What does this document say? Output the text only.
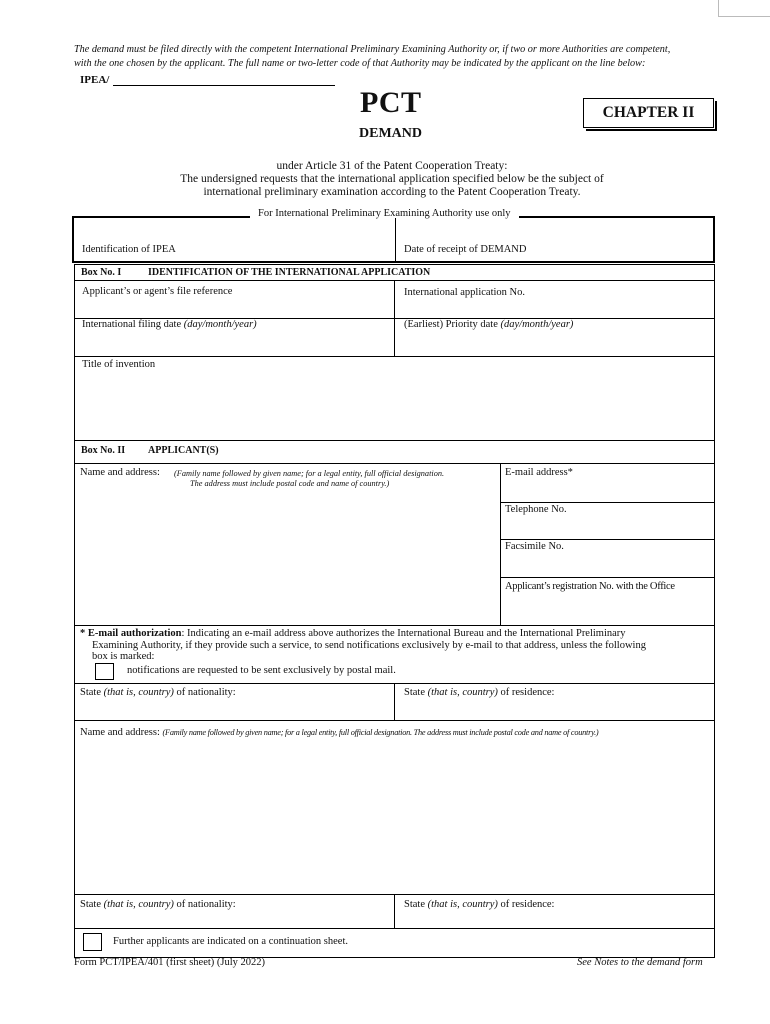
The demand must be filed directly with the competent International Preliminary Examining Authority or, if two or more Authorities are competent,
with the one chosen by the applicant. The full name or two-letter code of that Authority may be indicated by the applicant on the line below:
IPEA/
PCT
DEMAND
CHAPTER II
under Article 31 of the Patent Cooperation Treaty:
The undersigned requests that the international application specified below be the subject of
international preliminary examination according to the Patent Cooperation Treaty.
For International Preliminary Examining Authority use only
Identification of IPEA	Date of receipt of DEMAND
Box No. I	IDENTIFICATION OF THE INTERNATIONAL APPLICATION
Applicant’s or agent’s file reference	International application No.
International filing date (day/month/year)	(Earliest) Priority date (day/month/year)
Title of invention
Box No. II APPLICANT(S)
Name and address: (Family name followed by given name; for a legal entity, full official designation.
The address must include postal code and name of country.)
E-mail address*
Telephone No.
Facsimile No.
Applicant’s registration No. with the Office
* E-mail authorization: Indicating an e-mail address above authorizes the International Bureau and the International Preliminary
Examining Authority, if they provide such a service, to send notifications exclusively by e-mail to that address, unless the following
box is marked:
notifications are requested to be sent exclusively by postal mail.
State (that is, country) of nationality:	State (that is, country) of residence:
Name and address: (Family name followed by given name; for a legal entity, full official designation. The address must include postal code and name of country.)
State (that is, country) of nationality:	State (that is, country) of residence:
Further applicants are indicated on a continuation sheet.
Form PCT/IPEA/401 (first sheet) (July 2022)	See Notes to the demand form
